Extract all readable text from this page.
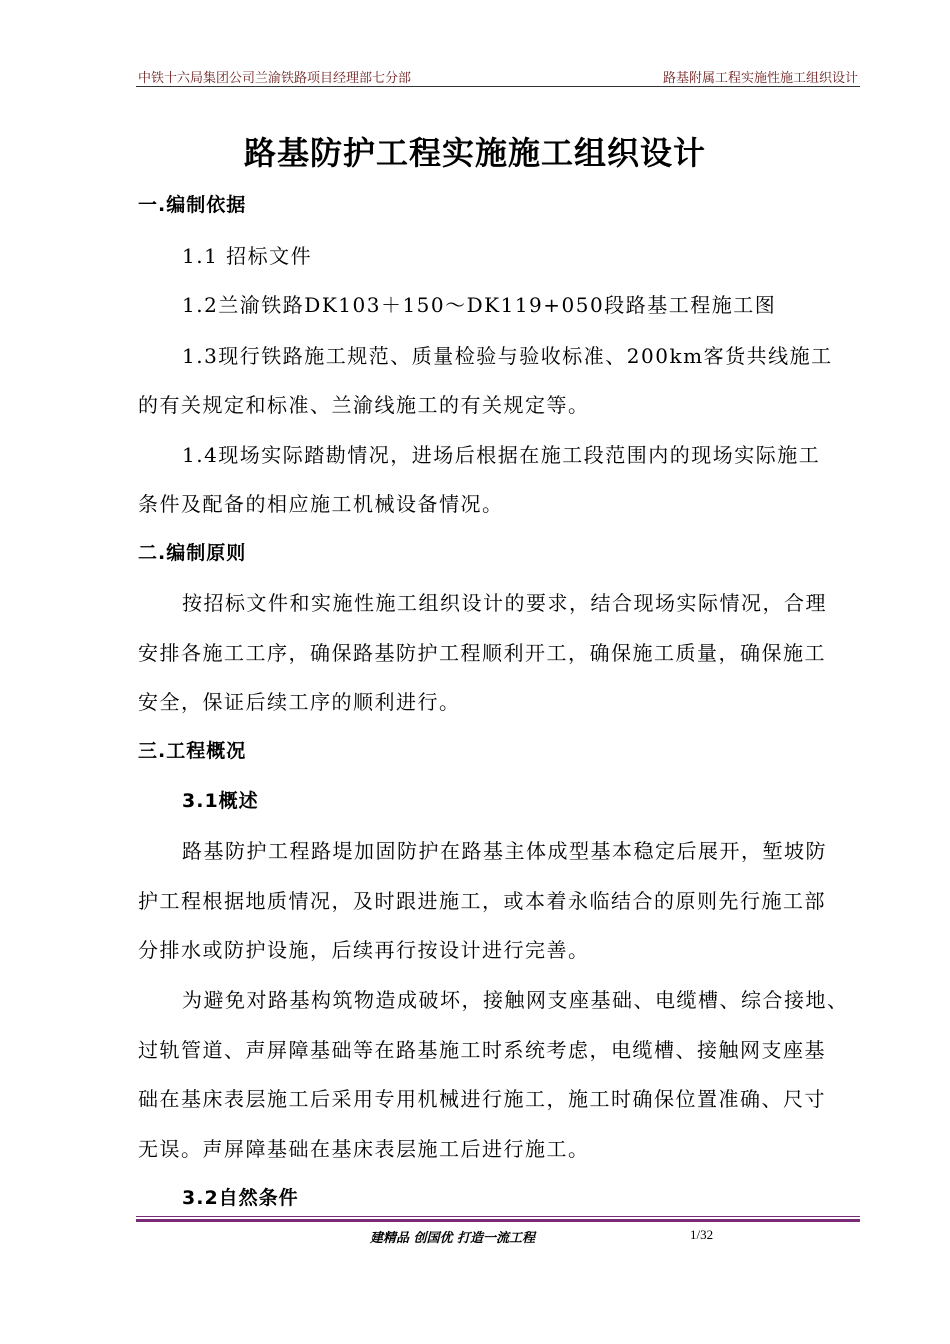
中铁十六局集团公司兰渝铁路项目经理部七分部	路基附属工程实施性施工组织设计
路基防护工程实施施工组织设计
一.编制依据
1.1 招标文件
1.2兰渝铁路DK103＋150～DK119+050段路基工程施工图
1.3现行铁路施工规范、质量检验与验收标准、200km客货共线施工
的有关规定和标准、兰渝线施工的有关规定等。
1.4现场实际踏勘情况，进场后根据在施工段范围内的现场实际施工
条件及配备的相应施工机械设备情况。
二.编制原则
按招标文件和实施性施工组织设计的要求，结合现场实际情况，合理
安排各施工工序，确保路基防护工程顺利开工，确保施工质量，确保施工
安全，保证后续工序的顺利进行。
三.工程概况
3.1概述
路基防护工程路堤加固防护在路基主体成型基本稳定后展开，堑坡防
护工程根据地质情况，及时跟进施工，或本着永临结合的原则先行施工部
分排水或防护设施，后续再行按设计进行完善。
为避免对路基构筑物造成破坏，接触网支座基础、电缆槽、综合接地、
过轨管道、声屏障基础等在路基施工时系统考虑，电缆槽、接触网支座基
础在基床表层施工后采用专用机械进行施工，施工时确保位置准确、尺寸
无误。声屏障基础在基床表层施工后进行施工。
3.2自然条件
建精品 创国优 打造一流工程	1/32
